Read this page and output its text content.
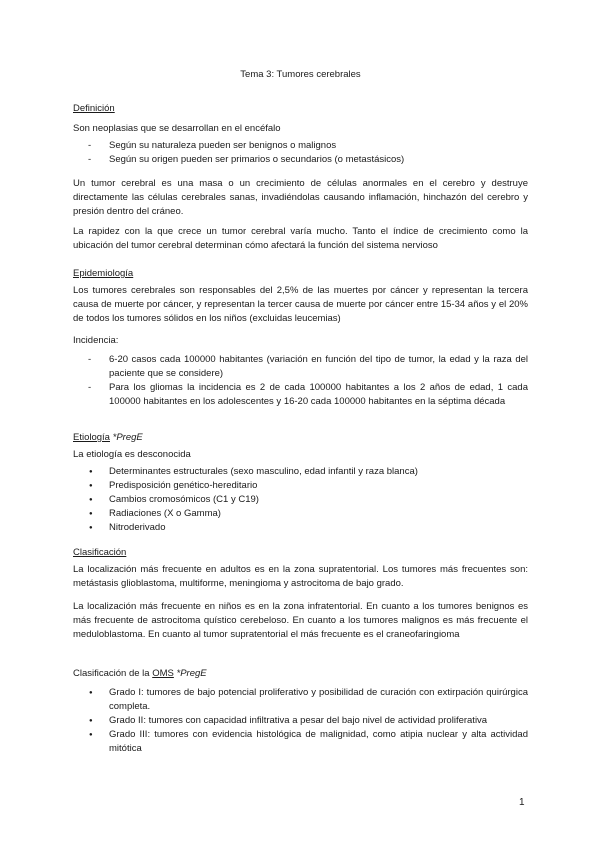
Tema 3: Tumores cerebrales
Definición

Son neoplasias que se desarrollan en el encéfalo

- Según su naturaleza pueden ser benignos o malignos
- Según su origen pueden ser primarios o secundarios (o metastásicos)

Un tumor cerebral es una masa o un crecimiento de células anormales en el cerebro y destruye directamente las células cerebrales sanas, invadiéndolas causando inflamación, hinchazón del cerebro y presión dentro del cráneo.

La rapidez con la que crece un tumor cerebral varía mucho. Tanto el índice de crecimiento como la ubicación del tumor cerebral determinan cómo afectará la función del sistema nervioso

Epidemiología

Los tumores cerebrales son responsables del 2,5% de las muertes por cáncer y representan la tercera causa de muerte por cáncer, y representan la tercer causa de muerte por cáncer entre 15-34 años y el 20% de todos los tumores sólidos en los niños (excluidas leucemias)

Incidencia:

- 6-20 casos cada 100000 habitantes (variación en función del tipo de tumor, la edad y la raza del paciente que se considere)
- Para los gliomas la incidencia es 2 de cada 100000 habitantes a los 2 años de edad, 1 cada 100000 habitantes en los adolescentes y 16-20 cada 100000 habitantes en la séptima década
Etiología *PregE

La etiología es desconocida

● Determinantes estructurales (sexo masculino, edad infantil y raza blanca)
● Predisposición genético-hereditario
● Cambios cromosómicos (C1 y C19)
● Radiaciones (X o Gamma)
● Nitroderivado
Clasificación

La localización más frecuente en adultos es en la zona supratentorial. Los tumores más frecuentes son: metástasis glioblastoma, multiforme, meningioma y astrocitoma de bajo grado.

La localización más frecuente en niños es en la zona infratentorial. En cuanto a los tumores benignos es más frecuente de astrocitoma quístico cerebeloso. En cuanto a los tumores malignos es más frecuente el meduloblastoma. En cuanto al tumor supratentorial el más frecuente es el craneofaringioma

Clasificación de la OMS *PregE
● Grado I: tumores de bajo potencial proliferativo y posibilidad de curación con extirpación quirúrgica completa.
● Grado II: tumores con capacidad infiltrativa a pesar del bajo nivel de actividad proliferativa
● Grado III: tumores con evidencia histológica de malignidad, como atipia nuclear y alta actividad mitótica
1
